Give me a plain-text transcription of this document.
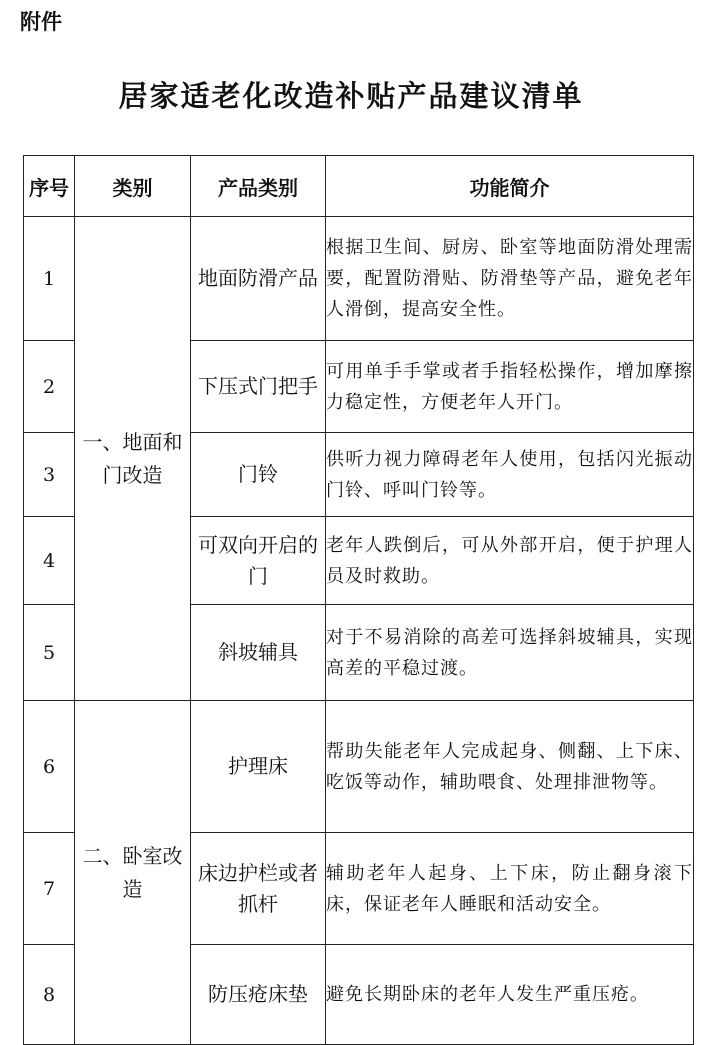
附件
居家适老化改造补贴产品建议清单
序号	类别	产品类别	功能简介
1	一、地面和门改造	地面防滑产品	根据卫生间、厨房、卧室等地面防滑处理需要，配置防滑贴、防滑垫等产品，避免老年人滑倒，提高安全性。
2		下压式门把手	可用单手手掌或者手指轻松操作，增加摩擦力稳定性，方便老年人开门。
3		门铃	供听力视力障碍老年人使用，包括闪光振动门铃、呼叫门铃等。
4		可双向开启的门	老年人跌倒后，可从外部开启，便于护理人员及时救助。
5		斜坡辅具	对于不易消除的高差可选择斜坡辅具，实现高差的平稳过渡。
6	二、卧室改造	护理床	帮助失能老年人完成起身、侧翻、上下床、吃饭等动作，辅助喂食、处理排泄物等。
7		床边护栏或者抓杆	辅助老年人起身、上下床，防止翻身滚下床，保证老年人睡眠和活动安全。
8		防压疮床垫	避免长期卧床的老年人发生严重压疮。
